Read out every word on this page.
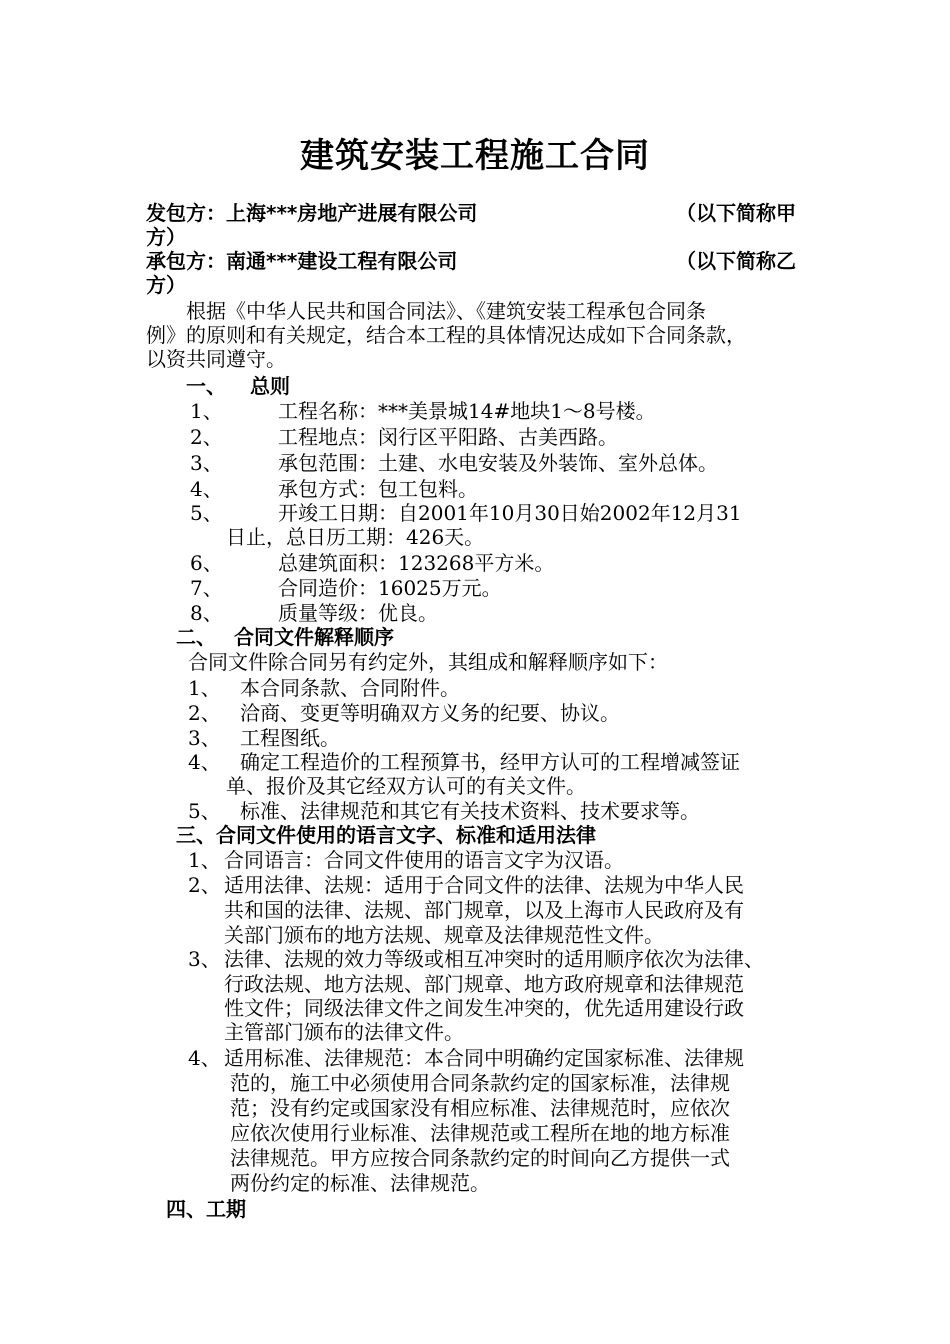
建筑安装工程施工合同
发包方：上海***房地产进展有限公司	（以下简称甲
方）
承包方：南通***建设工程有限公司	（以下简称乙
方）
根据《中华人民共和国合同法》、《建筑安装工程承包合同条
例》的原则和有关规定，结合本工程的具体情况达成如下合同条款，
以资共同遵守。
一、 总则
1、	工程名称：***美景城14#地块1～8号楼。
2、	工程地点：闵行区平阳路、古美西路。
3、	承包范围：土建、水电安装及外装饰、室外总体。
4、	承包方式：包工包料。
5、	开竣工日期：自2001年10月30日始2002年12月31
日止，总日历工期：426天。
6、	总建筑面积：123268平方米。
7、	合同造价：16025万元。
8、	质量等级：优良。
二、 合同文件解释顺序
合同文件除合同另有约定外，其组成和解释顺序如下：
1、 本合同条款、合同附件。
2、 洽商、变更等明确双方义务的纪要、协议。
3、 工程图纸。
4、 确定工程造价的工程预算书，经甲方认可的工程增减签证
单、报价及其它经双方认可的有关文件。
5、 标准、法律规范和其它有关技术资料、技术要求等。
三、合同文件使用的语言文字、标准和适用法律
1、 合同语言：合同文件使用的语言文字为汉语。
2、 适用法律、法规：适用于合同文件的法律、法规为中华人民
共和国的法律、法规、部门规章，以及上海市人民政府及有
关部门颁布的地方法规、规章及法律规范性文件。
3、 法律、法规的效力等级或相互冲突时的适用顺序依次为法律、
行政法规、地方法规、部门规章、地方政府规章和法律规范
性文件；同级法律文件之间发生冲突的，优先适用建设行政
主管部门颁布的法律文件。
4、 适用标准、法律规范：本合同中明确约定国家标准、法律规
范的，施工中必须使用合同条款约定的国家标准，法律规
范；没有约定或国家没有相应标准、法律规范时，应依次
应依次使用行业标准、法律规范或工程所在地的地方标准
法律规范。甲方应按合同条款约定的时间向乙方提供一式
两份约定的标准、法律规范。
四、工期
